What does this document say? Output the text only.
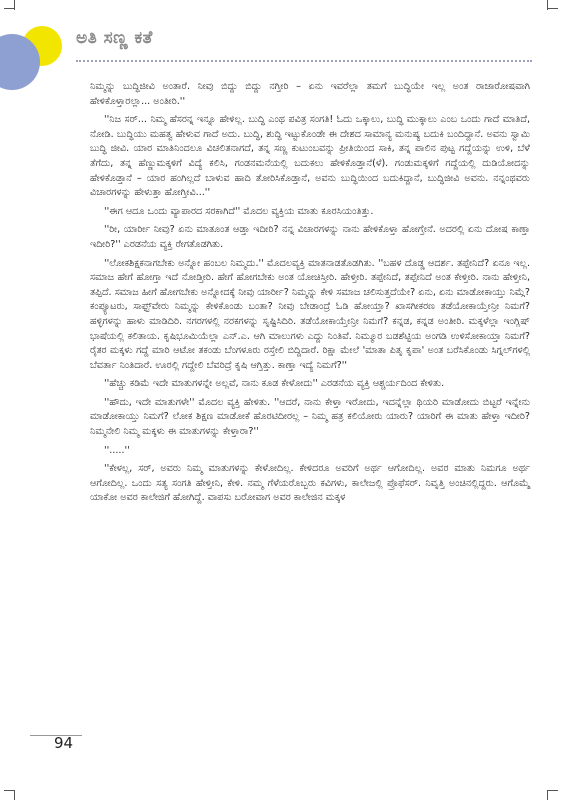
ಅತಿ ಸಣ್ಣ ಕತೆ

ನಿಮ್ಮನ್ನು ಬುದ್ಧಿಜೀವಿ ಅಂತಾರೆ. ನೀವು ಬಿದ್ದು ಬಿದ್ದು ನಗ್ತೀರಿ – ಏನು ಇವರೆಲ್ಲಾ ತಮಗೆ ಬುದ್ಧಿಯೇ ಇಲ್ಲ ಅಂತ ರಾಜಾರೋಷವಾಗಿ ಹೇಳಿಕೊಳ್ತಾರಲ್ಲಾ... ಅಂತೀರಿ.''

''ನಿಜ ಸರ್... ನಿಮ್ಮ ಹೆಸರನ್ನ ಇನ್ನೂ ಹೇಳಿಲ್ಲ. ಬುದ್ಧಿ ಎಂಥ ಪವಿತ್ರ ಸಂಗತಿ! ಓದು ಒಕ್ಕಾಲು, ಬುದ್ಧಿ ಮುಕ್ಕಾಲು ಎಂಬ ಒಂದು ಗಾದೆ ಮಾತಿದೆ, ನೋಡಿ. ಬುದ್ಧಿಯು ಮಹತ್ವ ಹೇಳುವ ಗಾದೆ ಅದು. ಬುದ್ಧಿ, ಶುದ್ಧಿ ಇಟ್ಟುಕೊಂಡೇ ಈ ದೇಶದ ಸಾಮಾನ್ಯ ಮನುಷ್ಯ ಬದುಕಿ ಬಂದಿದ್ದಾನೆ. ಅವನು ಸ್ವಾಮಿ ಬುದ್ಧಿ ಜೀವಿ. ಯಾರ ಮಾತಿನಿಂದಲೂ ವಿಚಲಿತನಾಗದೆ, ತನ್ನ ಸಣ್ಣ ಕುಟುಂಬವನ್ನು ಪ್ರೀತಿಯಿಂದ ಸಾಕಿ, ತನ್ನ ಪಾಲಿನ ಪುಟ್ಟ ಗದ್ದೆಯನ್ನು ಉಳಿ, ಬೆಳೆ ತೆಗೆದು, ತನ್ನ ಹೆಣ್ಣುಮಕ್ಕಳಿಗೆ ವಿದ್ಯೆ ಕಲಿಸಿ, ಗಂಡನಮನೆಯಲ್ಲಿ ಬದುಕಲು ಹೇಳಿಕೊಡ್ತಾನೆ(ಳೆ). ಗಂಡುಮಕ್ಕಳಿಗೆ ಗದ್ದೆಯಲ್ಲಿ ದುಡಿಯೋದನ್ನು ಹೇಳಿಕೊಡ್ತಾನೆ – ಯಾರ ಹಂಗಿಲ್ಲದೆ ಬಾಳುವ ಹಾದಿ ತೋರಿಸಿಕೊಡ್ತಾನೆ, ಅವನು ಬುದ್ಧಿಯಿಂದ ಬದುಕಿದ್ದಾನೆ, ಬುದ್ಧಿಜೀವಿ ಅವನು. ನನ್ನಂಥವರು ವಿಚಾರಗಳನ್ನು ಹೇಳುತ್ತಾ ಹೋಗ್ತೀವಿ...''

''ಈಗ ಆದೂ ಒಂದು ವ್ಯಾಪಾರದ ಸರಕಾಗಿದೆ'' ಮೊದಲ ವ್ಯಕ್ತಿಯ ಮಾತು ಕೂರಸಿಯಂತಿತ್ತು.

''ರೀ, ಯಾರ್ರೀ ನೀವು? ಏನು ಮಾತೂಂತ ಆಡ್ತಾ ಇದೀರಿ? ನನ್ನ ವಿಚಾರಗಳನ್ನು ನಾನು ಹೇಳಿಕೊಳ್ತಾ ಹೋಗ್ತೇನೆ. ಅದರಲ್ಲಿ ಏನು ದೋಷ ಕಾಣ್ತಾ ಇದೀರಿ?'' ಎರಡನೆಯ ವ್ಯಕ್ತಿ ರೇಗತೊಡಗಿತು.

''ಲೋಕಶಿಕ್ಷಕನಾಗಬೇಕು ಅನ್ನೋ ಹಂಬಲ ನಿಮ್ಮದು.'' ಮೊದಲವ್ಯಕ್ತಿ ಮಾತನಾಡತೊಡಗಿತು. ''ಬಹಳ ದೊಡ್ಡ ಆದರ್ಶ. ತಪ್ಪೇನಿದೆ? ಏನೂ ಇಲ್ಲ. ಸಮಾಜ ಹೇಗೆ ಹೋಗ್ತಾ ಇದೆ ನೋಡ್ತೀರಿ. ಹೇಗೆ ಹೋಗಬೇಕು ಅಂತ ಯೋಚಿಸ್ತೀರಿ. ಹೇಳ್ತೀರಿ. ತಪ್ಪೇನಿದೆ, ತಪ್ಪೇನಿದೆ ಅಂತ ಕೇಳ್ತೀರಿ. ನಾನು ಹೇಳ್ತೀನಿ, ತಪ್ಪಿದೆ. ಸಮಾಜ ಹೀಗೆ ಹೋಗಬೇಕು ಅನ್ನೋದಕ್ಕೆ ನೀವು ಯಾರ್ರೀ? ನಿಮ್ಮನ್ನು ಕೇಳಿ ಸಮಾಜ ಚಲಿಸುತ್ತದೆಯೇ? ಏನು, ಏನು ಮಾಡೋಕಾಯ್ತು ನಿಮ್ಗೆ? ಕಂಪ್ಯೂಟರು, ಸಾಫ್ಟ್‌ವೇರು ನಿಮ್ಮನ್ನು ಕೇಳಿಕೊಂಡು ಬಂತಾ? ನೀವು ಬೇಡಾಂದ್ರೆ ಓಡಿ ಹೋಯ್ತಾ? ಖಾಸಗೀಕರಣ ತಡೆಯೋಕಾಯ್ತೇನ್ರೀ ನಿಮಗೆ? ಹಳ್ಳಿಗಳನ್ನು ಹಾಳು ಮಾಡಿದಿರಿ. ನಗರಗಳಲ್ಲಿ ನರಕಗಳನ್ನು ಸೃಷ್ಟಿಸಿದಿರಿ. ತಡೆಯೋಕಾಯ್ತೇನ್ರೀ ನಿಮಗೆ? ಕನ್ನಡ, ಕನ್ನಡ ಅಂತೀರಿ. ಮಕ್ಕಳೆಲ್ಲಾ ಇಂಗ್ಲಿಷ್ ಭಾಷೆಯಲ್ಲಿ ಕಲಿತಾಯ. ಕೃಷಿಭೂಮಿಯೆಲ್ಲಾ ಎನ್.ಎ. ಆಗಿ ಮಾಲುಗಳು ಎದ್ದು ನಿಂತಿವೆ. ನಿಮ್ಮೂರ ಬಡಶೆಟ್ಟಿಯ ಅಂಗಡಿ ಉಳಿಸೋಕಾಯ್ತಾ ನಿಮಗೆ? ರೈತರ ಮಕ್ಕಳು ಗದ್ದೆ ಮಾರಿ ಆಟೋ ತಕಂಡು ಬೆಂಗಳೂರು ರಸ್ತೇಲಿ ಬಿದ್ದಿದಾರೆ. ರಿಕ್ಷಾ ಮೇಲೆ 'ಮಾತಾ ಪಿತೃ ಕೃಪಾ' ಅಂತ ಬರೆಸಿಕೊಂಡು ಸಿಗ್ನಲ್‌ಗಳಲ್ಲಿ ಬೆವರ್ತಾ ನಿಂತಿದಾರೆ. ಊರಲ್ಲಿ ಗದ್ದೇಲಿ ಬೆವರಿದ್ರೆ ಕೃಷಿ ಆಗ್ತಿತ್ತು. ಕಾಣ್ತಾ ಇದ್ಯೆ ನಿಮಗೆ?''

''ಹೆಚ್ಚು ಕಡಿಮೆ ಇದೇ ಮಾತುಗಳನ್ನೇ ಅಲ್ಲವೆ, ನಾನು ಕೂಡ ಕೇಳೋದು'' ಎರಡನೆಯ ವ್ಯಕ್ತಿ ಆಶ್ಚರ್ಯದಿಂದ ಕೇಳಿತು.

''ಹೌದು, ಇದೇ ಮಾತುಗಳೇ'' ಮೊದಲ ವ್ಯಕ್ತಿ ಹೇಳಿತು. ''ಆದರೆ, ನಾನು ಕೇಳ್ತಾ ಇರೋದು, ಇದನ್ನೆಲ್ಲಾ ಥಿಯರಿ ಮಾಡೋದು ಬಿಟ್ಟರೆ ಇನ್ನೇನು ಮಾಡೋಕಾಯ್ತು ನಿಮಗೆ? ಲೋಕ ಶಿಕ್ಷಣ ಮಾಡೋಕೆ ಹೊರಟಿದೀರಲ್ಲ – ನಿಮ್ಮ ಹತ್ರ ಕಲಿಯೋರು ಯಾರು? ಯಾರಿಗೆ ಈ ಮಾತು ಹೇಳ್ತಾ ಇದೀರಿ? ನಿಮ್ಮನೇಲಿ ನಿಮ್ಮ ಮಕ್ಕಳು ಈ ಮಾತುಗಳನ್ನು ಕೇಳ್ತಾರಾ?''

''.....''

''ಕೇಳಲ್ಲ, ಸರ್, ಅವರು ನಿಮ್ಮ ಮಾತುಗಳನ್ನು ಕೇಳೋದಿಲ್ಲ. ಕೇಳಿದರೂ ಅವರಿಗೆ ಅರ್ಥ ಆಗೋದಿಲ್ಲ. ಅವರ ಮಾತು ನಿಮಗೂ ಅರ್ಥ ಆಗೋದಿಲ್ಲ. ಒಂದು ಸತ್ಯ ಸಂಗತಿ ಹೇಳ್ತೀನಿ, ಕೇಳಿ. ನಮ್ಮ ಗೆಳೆಯರೊಬ್ಬರು ಕವಿಗಳು, ಕಾಲೇಜಲ್ಲಿ ಪ್ರೊಫೆಸರ್. ನಿವೃತ್ತಿ ಅಂಚಿನಲ್ಲಿದ್ದರು. ಆಗೊಮ್ಮೆ ಯಾಕೋ ಅವರ ಕಾಲೇಜಿಗೆ ಹೋಗಿದ್ದೆ. ವಾಪಸು ಬರೋವಾಗ ಅವರ ಕಾಲೇಜಿನ ಮಕ್ಕಳ

94
